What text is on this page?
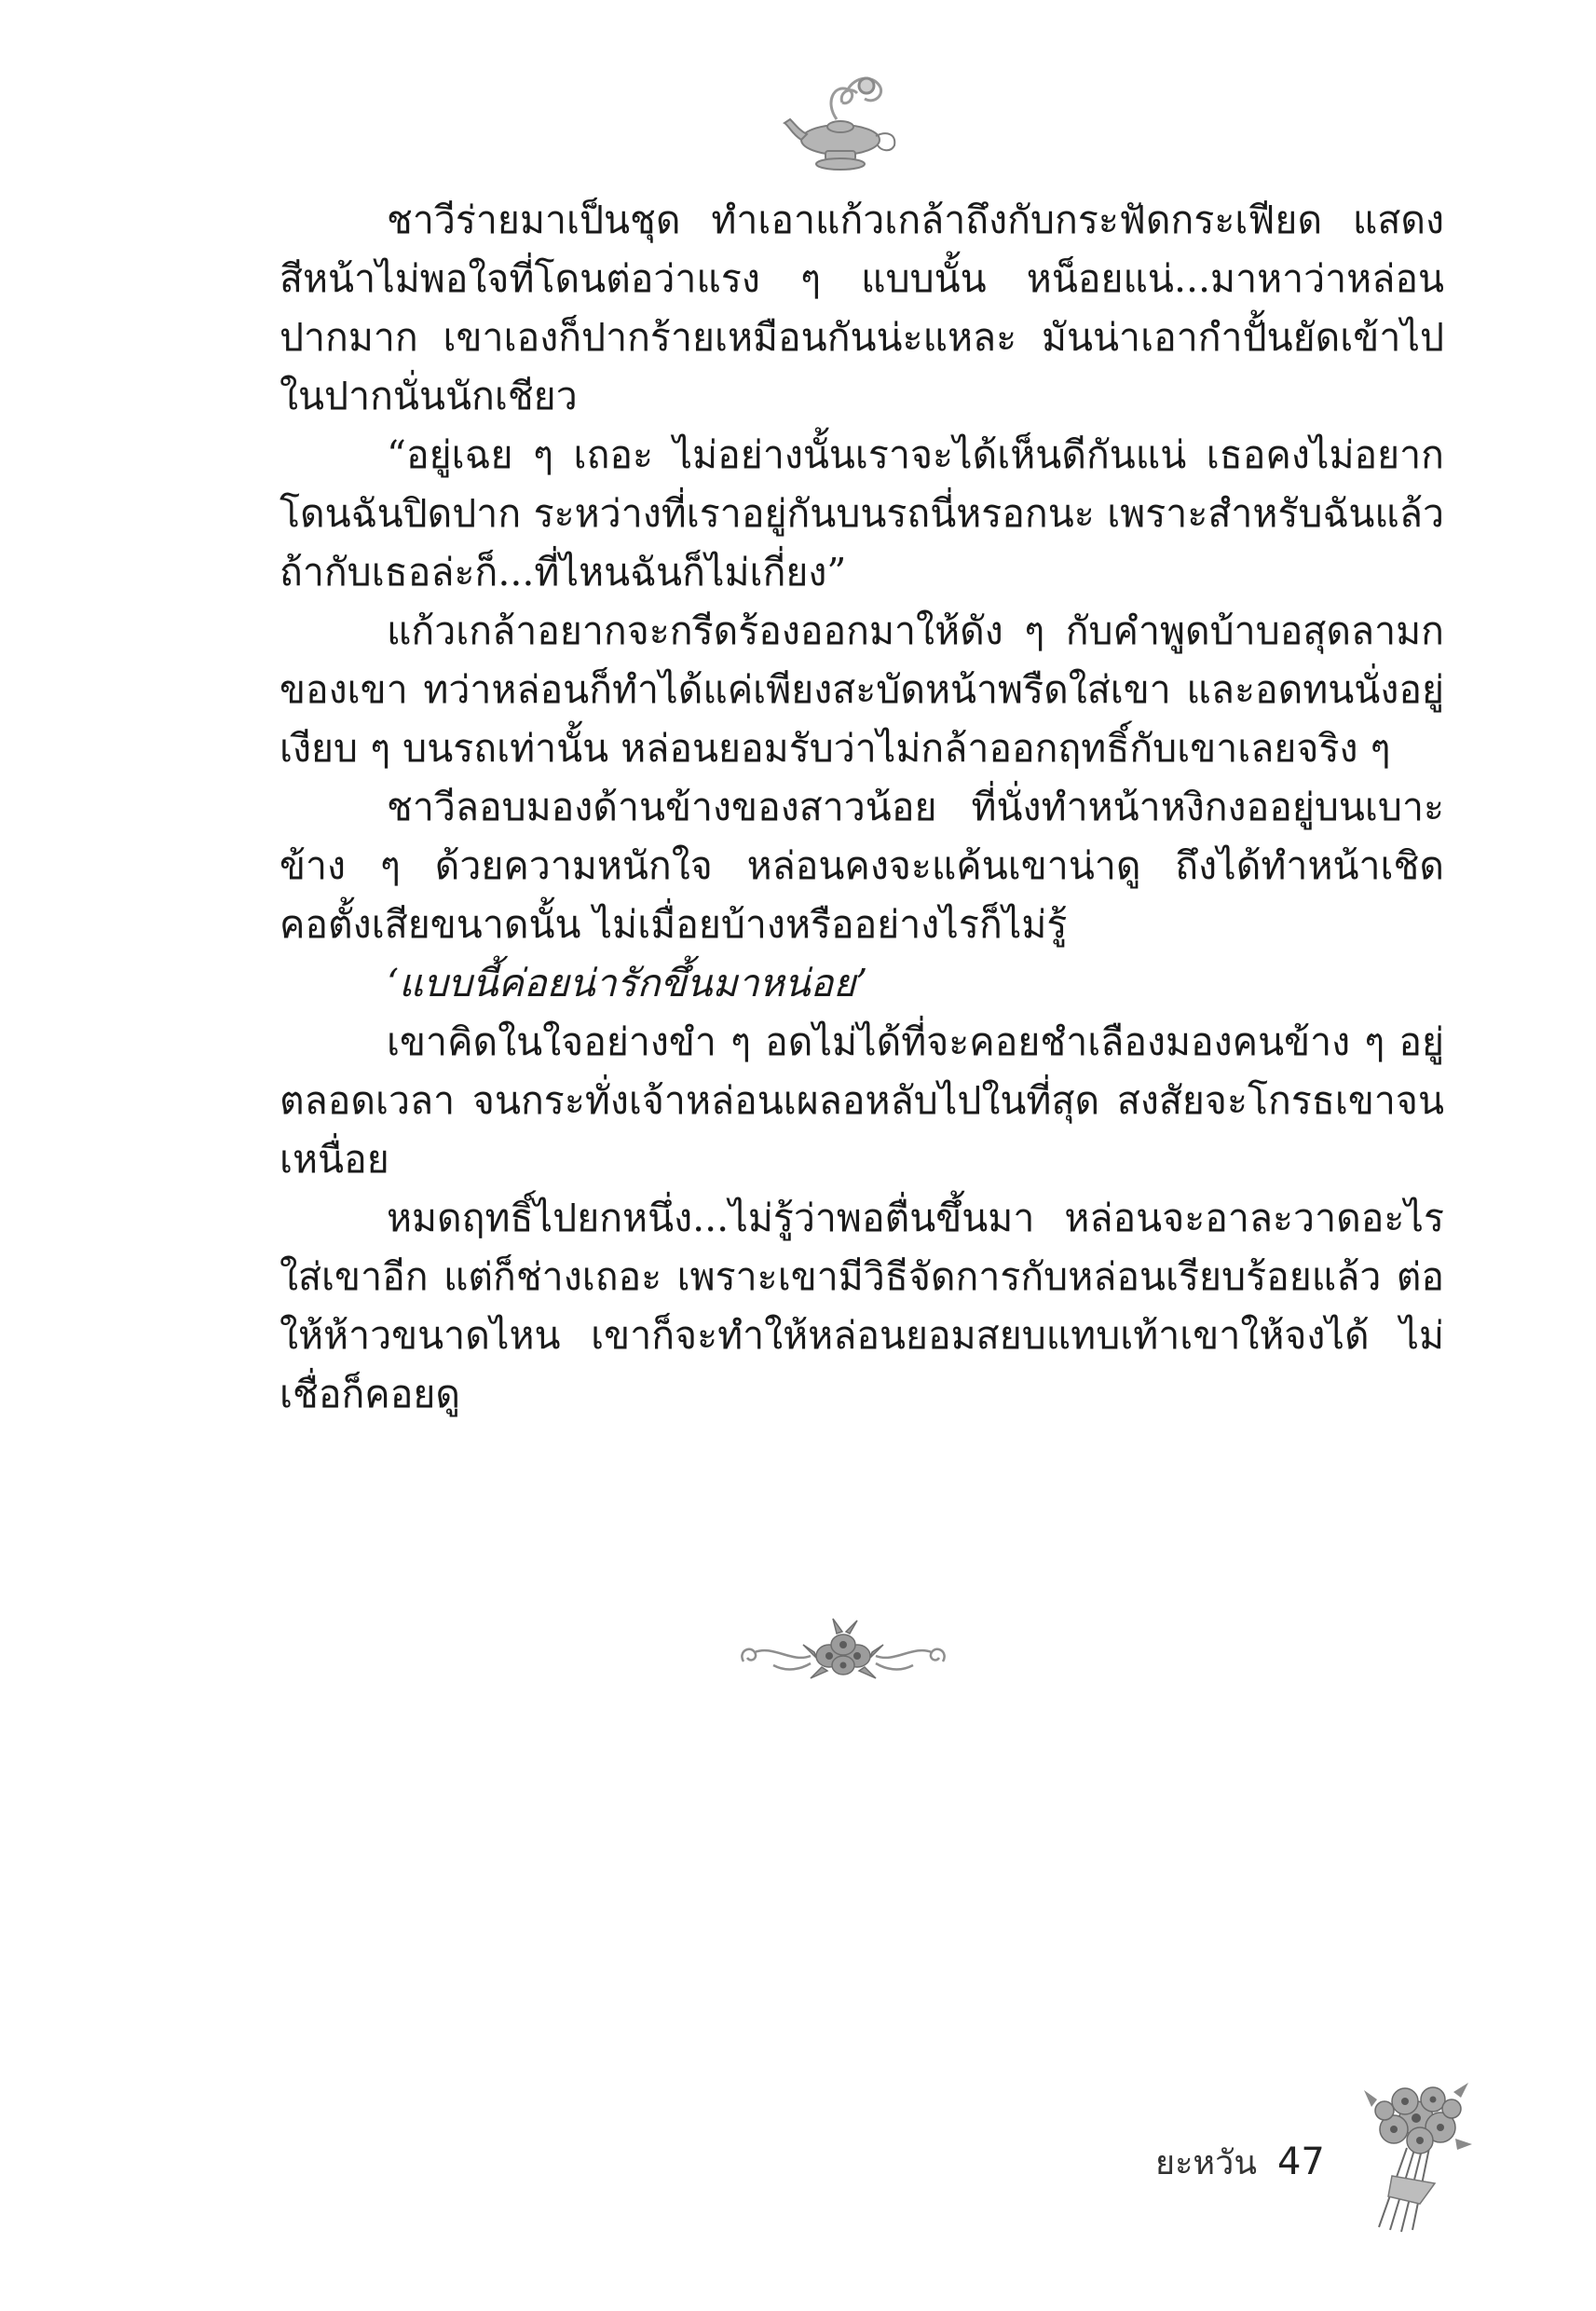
ชาวีร่ายมาเป็นชุด ทำเอาแก้วเกล้าถึงกับกระฟัดกระเฟียด แสดงสีหน้าไม่พอใจที่โดนต่อว่าแรง ๆ แบบนั้น หน็อยแน่...มาหาว่าหล่อนปากมาก เขาเองก็ปากร้ายเหมือนกันน่ะแหละ มันน่าเอากำปั้นยัดเข้าไปในปากนั่นนักเชียว

“อยู่เฉย ๆ เถอะ ไม่อย่างนั้นเราจะได้เห็นดีกันแน่ เธอคงไม่อยากโดนฉันปิดปาก ระหว่างที่เราอยู่กันบนรถนี่หรอกนะ เพราะสำหรับฉันแล้วถ้ากับเธอล่ะก็...ที่ไหนฉันก็ไม่เกี่ยง”

แก้วเกล้าอยากจะกรีดร้องออกมาให้ดัง ๆ กับคำพูดบ้าบอสุดลามกของเขา ทว่าหล่อนก็ทำได้แค่เพียงสะบัดหน้าพรืดใส่เขา และอดทนนั่งอยู่เงียบ ๆ บนรถเท่านั้น หล่อนยอมรับว่าไม่กล้าออกฤทธิ์กับเขาเลยจริง ๆ

ชาวีลอบมองด้านข้างของสาวน้อย ที่นั่งทำหน้าหงิกงออยู่บนเบาะข้าง ๆ ด้วยความหนักใจ หล่อนคงจะแค้นเขาน่าดู ถึงได้ทำหน้าเชิดคอตั้งเสียขนาดนั้น ไม่เมื่อยบ้างหรืออย่างไรก็ไม่รู้

‘แบบนี้ค่อยน่ารักขึ้นมาหน่อย’

เขาคิดในใจอย่างขำ ๆ อดไม่ได้ที่จะคอยชำเลืองมองคนข้าง ๆ อยู่ตลอดเวลา จนกระทั่งเจ้าหล่อนเผลอหลับไปในที่สุด สงสัยจะโกรธเขาจนเหนื่อย

หมดฤทธิ์ไปยกหนึ่ง...ไม่รู้ว่าพอตื่นขึ้นมา หล่อนจะอาละวาดอะไรใส่เขาอีก แต่ก็ช่างเถอะ เพราะเขามีวิธีจัดการกับหล่อนเรียบร้อยแล้ว ต่อให้ห้าวขนาดไหน เขาก็จะทำให้หล่อนยอมสยบแทบเท้าเขาให้จงได้ ไม่เชื่อก็คอยดู

ยะหวัน 47
